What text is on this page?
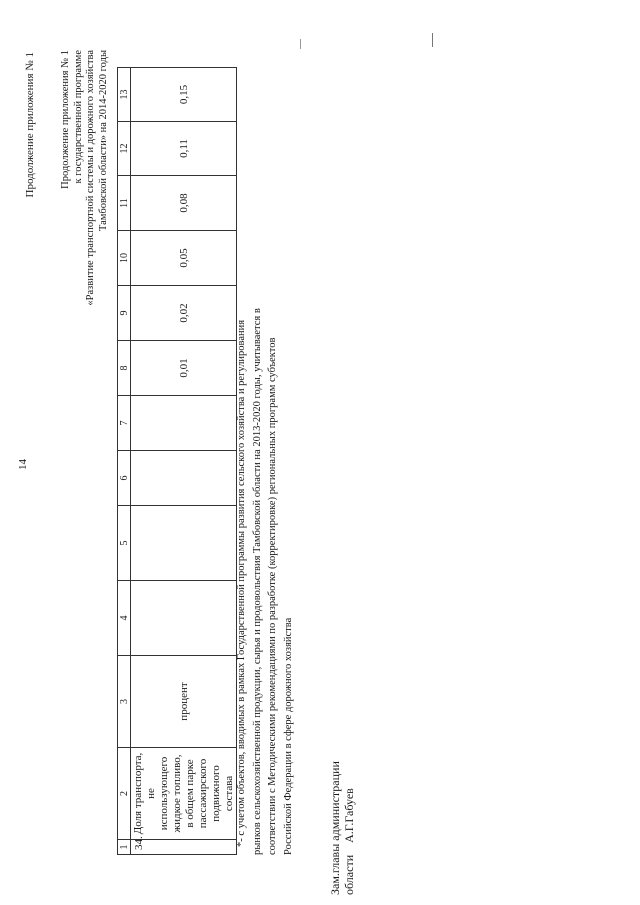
14
Продолжение приложения № 1 Продолжение приложения № 1 к государственной программе «Развитие транспортной системы и дорожного хозяйства Тамбовской области» на 2014-2020 годы
1	2	3	4	5	6	7	8	9	10	11	12	13
34.	Доля транспорта, не использующего жидкое топливо, в общем парке пассажирского подвижного состава	процент					0,01	0,02	0,05	0,08	0,11	0,15
*- с учетом объектов, вводимых в рамках Государственной программы развития сельского хозяйства и регулирования рынков сельскохозяйственной продукции, сырья и продовольствия Тамбовской области на 2013-2020 годы, учитывается в соответствии с Методическими рекомендациями по разработке (корректировке) региональных программ субъектов Российской Федерации в сфере дорожного хозяйства	Зам.главы администрации области    А.Г.Габуев
